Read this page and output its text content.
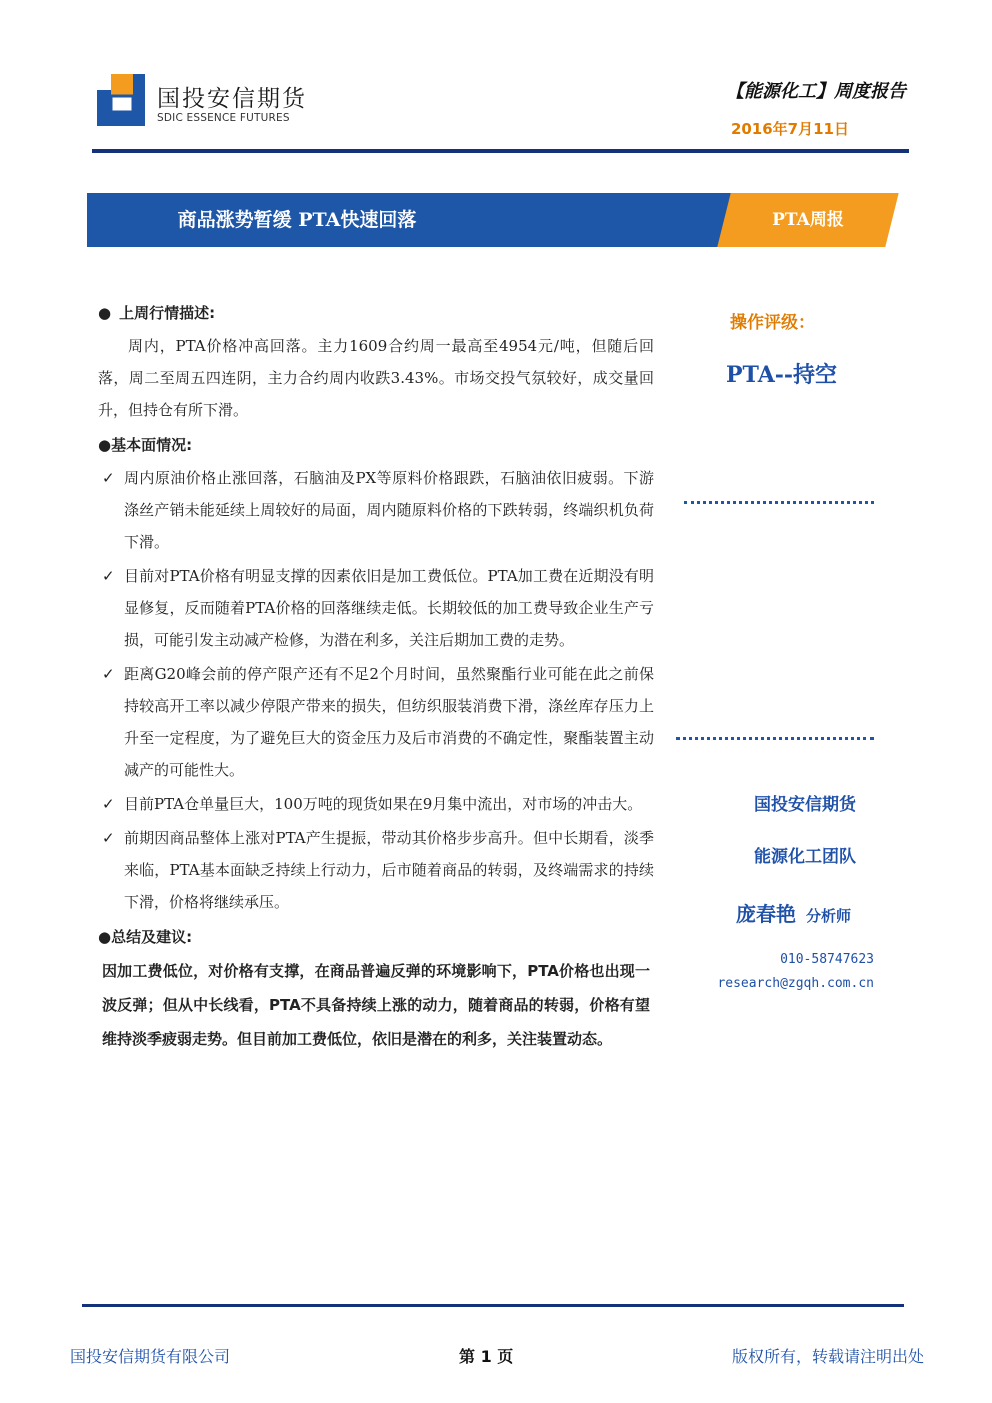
国投安信期货
SDIC ESSENCE FUTURES
【能源化工】周度报告
2016年7月11日
商品涨势暂缓 PTA快速回落	PTA周报
● 上周行情描述:

周内，PTA价格冲高回落。主力1609合约周一最高至4954元/吨，但随后回落，周二至周五四连阴，主力合约周内收跌3.43%。市场交投气氛较好，成交量回升，但持仓有所下滑。

●基本面情况:
✓ 周内原油价格止涨回落，石脑油及PX等原料价格跟跌，石脑油依旧疲弱。下游涤丝产销未能延续上周较好的局面，周内随原料价格的下跌转弱，终端织机负荷下滑。
✓ 目前对PTA价格有明显支撑的因素依旧是加工费低位。PTA加工费在近期没有明显修复，反而随着PTA价格的回落继续走低。长期较低的加工费导致企业生产亏损，可能引发主动减产检修，为潜在利多，关注后期加工费的走势。
✓ 距离G20峰会前的停产限产还有不足2个月时间，虽然聚酯行业可能在此之前保持较高开工率以减少停限产带来的损失，但纺织服装消费下滑，涤丝库存压力上升至一定程度，为了避免巨大的资金压力及后市消费的不确定性，聚酯装置主动减产的可能性大。
✓ 目前PTA仓单量巨大，100万吨的现货如果在9月集中流出，对市场的冲击大。
✓ 前期因商品整体上涨对PTA产生提振，带动其价格步步高升。但中长期看，淡季来临，PTA基本面缺乏持续上行动力，后市随着商品的转弱，及终端需求的持续下滑，价格将继续承压。
●总结及建议:

因加工费低位，对价格有支撑，在商品普遍反弹的环境影响下，PTA价格也出现一波反弹；但从中长线看，PTA不具备持续上涨的动力，随着商品的转弱，价格有望维持淡季疲弱走势。但目前加工费低位，依旧是潜在的利多，关注装置动态。

操作评级：
PTA--持空
国投安信期货
能源化工团队
庞春艳 分析师
010-58747623
research@zgqh.com.cn
国投安信期货有限公司	第 1 页	版权所有，转载请注明出处
